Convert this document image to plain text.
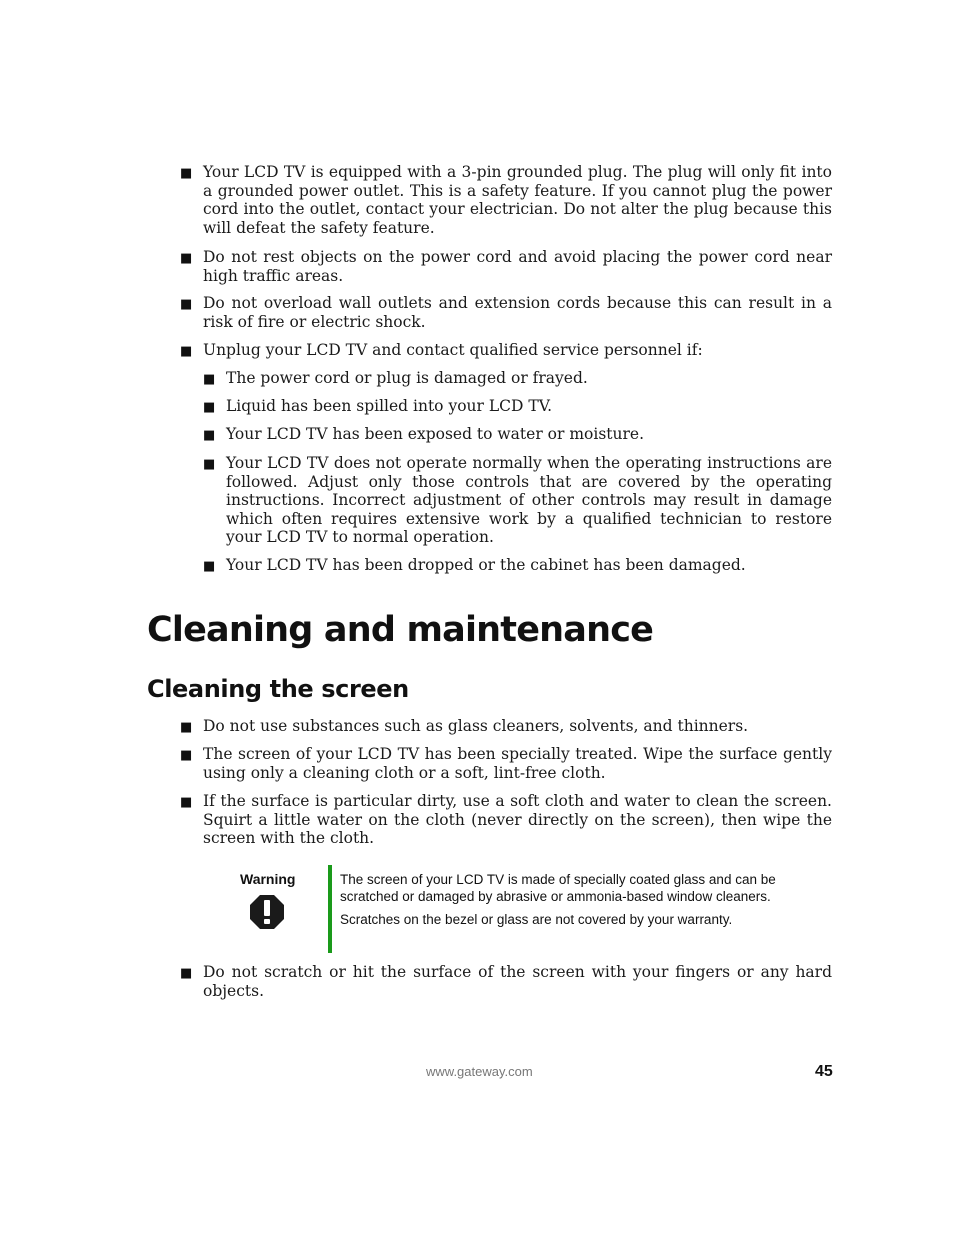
■ Your LCD TV is equipped with a 3-pin grounded plug. The plug will only fit into a grounded power outlet. This is a safety feature. If you cannot plug the power cord into the outlet, contact your electrician. Do not alter the plug because this will defeat the safety feature.
■ Do not rest objects on the power cord and avoid placing the power cord near high traffic areas.
■ Do not overload wall outlets and extension cords because this can result in a risk of fire or electric shock.
■ Unplug your LCD TV and contact qualified service personnel if:
■ The power cord or plug is damaged or frayed.
■ Liquid has been spilled into your LCD TV.
■ Your LCD TV has been exposed to water or moisture.
■ Your LCD TV does not operate normally when the operating instructions are followed. Adjust only those controls that are covered by the operating instructions. Incorrect adjustment of other controls may result in damage which often requires extensive work by a qualified technician to restore your LCD TV to normal operation.
■ Your LCD TV has been dropped or the cabinet has been damaged.
Cleaning and maintenance
Cleaning the screen
■ Do not use substances such as glass cleaners, solvents, and thinners.
■ The screen of your LCD TV has been specially treated. Wipe the surface gently using only a cleaning cloth or a soft, lint-free cloth.
■ If the surface is particular dirty, use a soft cloth and water to clean the screen. Squirt a little water on the cloth (never directly on the screen), then wipe the screen with the cloth.
Warning	The screen of your LCD TV is made of specially coated glass and can be scratched or damaged by abrasive or ammonia-based window cleaners.

Scratches on the bezel or glass are not covered by your warranty.

■ Do not scratch or hit the surface of the screen with your fingers or any hard objects.
www.gateway.com	45
